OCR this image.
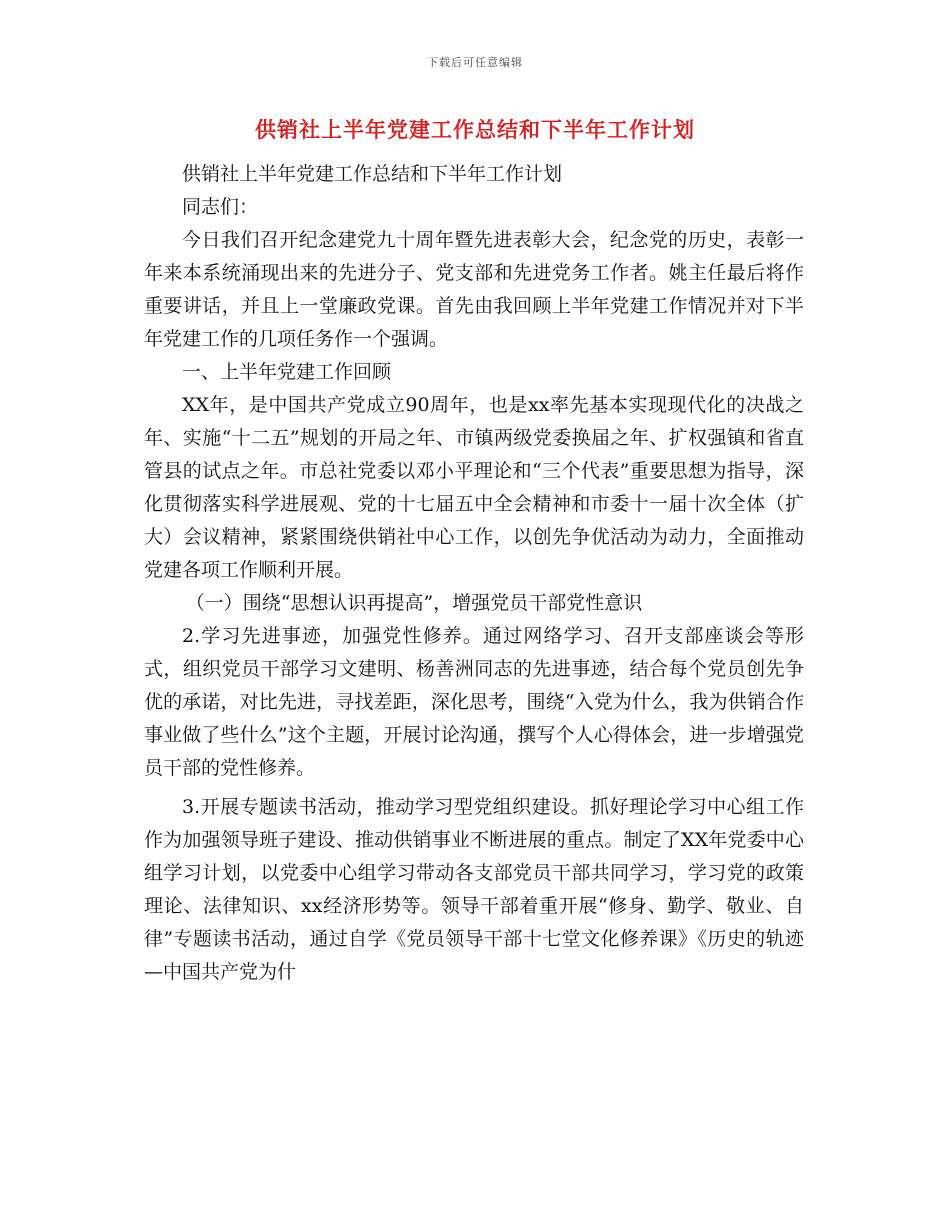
下载后可任意编辑
供销社上半年党建工作总结和下半年工作计划

供销社上半年党建工作总结和下半年工作计划

同志们：

今日我们召开纪念建党九十周年暨先进表彰大会，纪念党的历史，表彰一年来本系统涌现出来的先进分子、党支部和先进党务工作者。姚主任最后将作重要讲话，并且上一堂廉政党课。首先由我回顾上半年党建工作情况并对下半年党建工作的几项任务作一个强调。

一、上半年党建工作回顾

XX年，是中国共产党成立90周年，也是xx率先基本实现现代化的决战之年、实施“十二五”规划的开局之年、市镇两级党委换届之年、扩权强镇和省直管县的试点之年。市总社党委以邓小平理论和“三个代表”重要思想为指导，深化贯彻落实科学进展观、党的十七届五中全会精神和市委十一届十次全体（扩大）会议精神，紧紧围绕供销社中心工作，以创先争优活动为动力，全面推动党建各项工作顺利开展。

（一）围绕“思想认识再提高”，增强党员干部党性意识

2.学习先进事迹，加强党性修养。通过网络学习、召开支部座谈会等形式，组织党员干部学习文建明、杨善洲同志的先进事迹，结合每个党员创先争优的承诺，对比先进，寻找差距，深化思考，围绕“入党为什么，我为供销合作事业做了些什么”这个主题，开展讨论沟通，撰写个人心得体会，进一步增强党员干部的党性修养。

3.开展专题读书活动，推动学习型党组织建设。抓好理论学习中心组工作作为加强领导班子建设、推动供销事业不断进展的重点。制定了XX年党委中心组学习计划，以党委中心组学习带动各支部党员干部共同学习，学习党的政策理论、法律知识、xx经济形势等。领导干部着重开展“修身、勤学、敬业、自律”专题读书活动，通过自学《党员领导干部十七堂文化修养课》《历史的轨迹—中国共产党为什
